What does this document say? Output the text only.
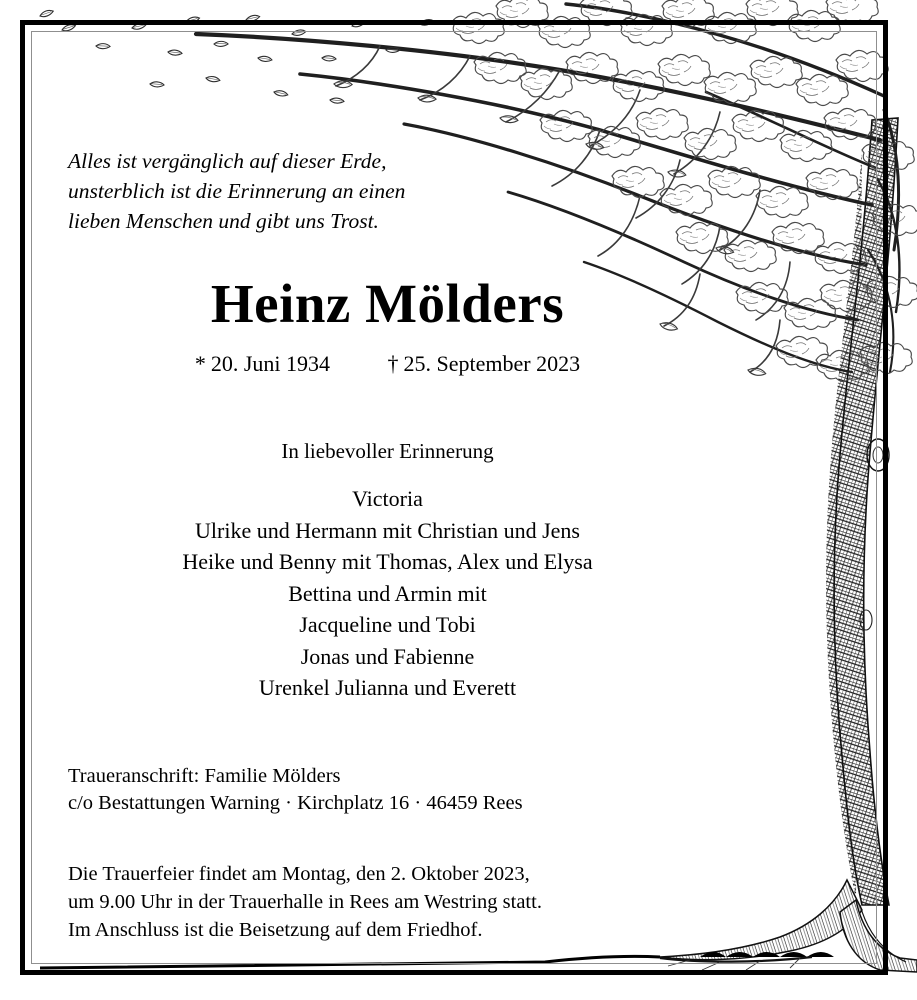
Alles ist vergänglich auf dieser Erde,
unsterblich ist die Erinnerung an einen
lieben Menschen und gibt uns Trost.
Heinz Mölders
* 20. Juni 1934	† 25. September 2023
In liebevoller Erinnerung
Victoria
Ulrike und Hermann mit Christian und Jens
Heike und Benny mit Thomas, Alex und Elysa
Bettina und Armin mit
Jacqueline und Tobi
Jonas und Fabienne
Urenkel Julianna und Everett
Traueranschrift: Familie Mölders
c/o Bestattungen Warning · Kirchplatz 16 · 46459 Rees
Die Trauerfeier findet am Montag, den 2. Oktober 2023,
um 9.00 Uhr in der Trauerhalle in Rees am Westring statt.
Im Anschluss ist die Beisetzung auf dem Friedhof.
